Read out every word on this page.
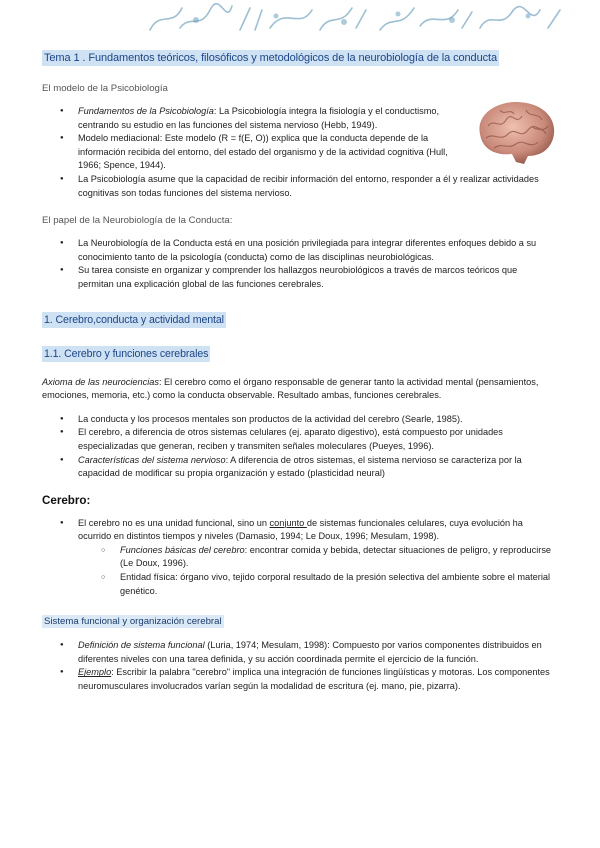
Tema 1 . Fundamentos teóricos, filosóficos y metodológicos de la neurobiología de la conducta

El modelo de la Psicobiología

● Fundamentos de la Psicobiología: La Psicobiología integra la fisiología y el conductismo, centrando su estudio en las funciones del sistema nervioso (Hebb, 1949).
● Modelo mediacional: Este modelo (R = f(E, O)) explica que la conducta depende de la información recibida del entorno, del estado del organismo y de la actividad cognitiva (Hull, 1966; Spence, 1944).
● La Psicobiología asume que la capacidad de recibir información del entorno, responder a él y realizar actividades cognitivas son todas funciones del sistema nervioso.

El papel de la Neurobiología de la Conducta:

● La Neurobiología de la Conducta está en una posición privilegiada para integrar diferentes enfoques debido a su conocimiento tanto de la psicología (conducta) como de las disciplinas neurobiológicas.
● Su tarea consiste en organizar y comprender los hallazgos neurobiológicos a través de marcos teóricos que permitan una explicación global de las funciones cerebrales.
1. Cerebro,conducta y actividad mental
1.1. Cerebro y funciones cerebrales

Axioma de las neurociencias: El cerebro como el órgano responsable de generar tanto la actividad mental (pensamientos, emociones, memoria, etc.) como la conducta observable. Resultado ambas, funciones cerebrales.

● La conducta y los procesos mentales son productos de la actividad del cerebro (Searle, 1985).
● El cerebro, a diferencia de otros sistemas celulares (ej. aparato digestivo), está compuesto por unidades especializadas que generan, reciben y transmiten señales moleculares (Pueyes, 1996).
● Características del sistema nervioso: A diferencia de otros sistemas, el sistema nervioso se caracteriza por la capacidad de modificar su propia organización y estado (plasticidad neural)

Cerebro:

● El cerebro no es una unidad funcional, sino un conjunto de sistemas funcionales celulares, cuya evolución ha ocurrido en distintos tiempos y niveles (Damasio, 1994; Le Doux, 1996; Mesulam, 1998).
○ Funciones básicas del cerebro: encontrar comida y bebida, detectar situaciones de peligro, y reproducirse (Le Doux, 1996).
○ Entidad física: órgano vivo, tejido corporal resultado de la presión selectiva del ambiente sobre el material genético.
Sistema funcional y organización cerebral
● Definición de sistema funcional (Luria, 1974; Mesulam, 1998): Compuesto por varios componentes distribuidos en diferentes niveles con una tarea definida, y su acción coordinada permite el ejercicio de la función.
● Ejemplo: Escribir la palabra "cerebro" implica una integración de funciones lingüísticas y motoras. Los componentes neuromusculares involucrados varían según la modalidad de escritura (ej. mano, pie, pizarra).
